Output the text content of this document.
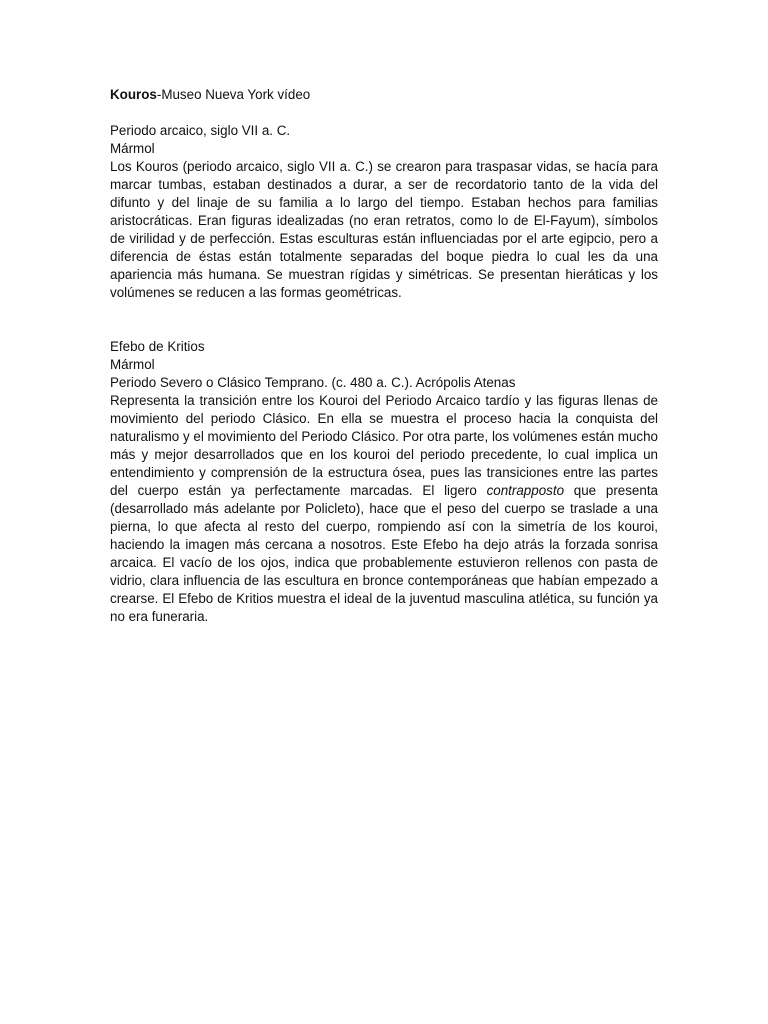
Kouros-Museo Nueva York vídeo

Periodo arcaico, siglo VII a. C.

Mármol

Los Kouros (periodo arcaico, siglo VII a. C.) se crearon para traspasar vidas, se hacía para marcar tumbas, estaban destinados a durar, a ser de recordatorio tanto de la vida del difunto y del linaje de su familia a lo largo del tiempo. Estaban hechos para familias aristocráticas. Eran figuras idealizadas (no eran retratos, como lo de El-Fayum), símbolos de virilidad y de perfección. Estas esculturas están influenciadas por el arte egipcio, pero a diferencia de éstas están totalmente separadas del boque piedra lo cual les da una apariencia más humana. Se muestran rígidas y simétricas. Se presentan hieráticas y los volúmenes se reducen a las formas geométricas.

Efebo de Kritios

Mármol

Periodo Severo o Clásico Temprano. (c. 480 a. C.). Acrópolis Atenas

Representa la transición entre los Kouroi del Periodo Arcaico tardío y las figuras llenas de movimiento del periodo Clásico. En ella se muestra el proceso hacia la conquista del naturalismo y el movimiento del Periodo Clásico. Por otra parte, los volúmenes están mucho más y mejor desarrollados que en los kouroi del periodo precedente, lo cual implica un entendimiento y comprensión de la estructura ósea, pues las transiciones entre las partes del cuerpo están ya perfectamente marcadas. El ligero contrapposto que presenta (desarrollado más adelante por Policleto), hace que el peso del cuerpo se traslade a una pierna, lo que afecta al resto del cuerpo, rompiendo así con la simetría de los kouroi, haciendo la imagen más cercana a nosotros. Este Efebo ha dejo atrás la forzada sonrisa arcaica. El vacío de los ojos, indica que probablemente estuvieron rellenos con pasta de vidrio, clara influencia de las escultura en bronce contemporáneas que habían empezado a crearse. El Efebo de Kritios muestra el ideal de la juventud masculina atlética, su función ya no era funeraria.
